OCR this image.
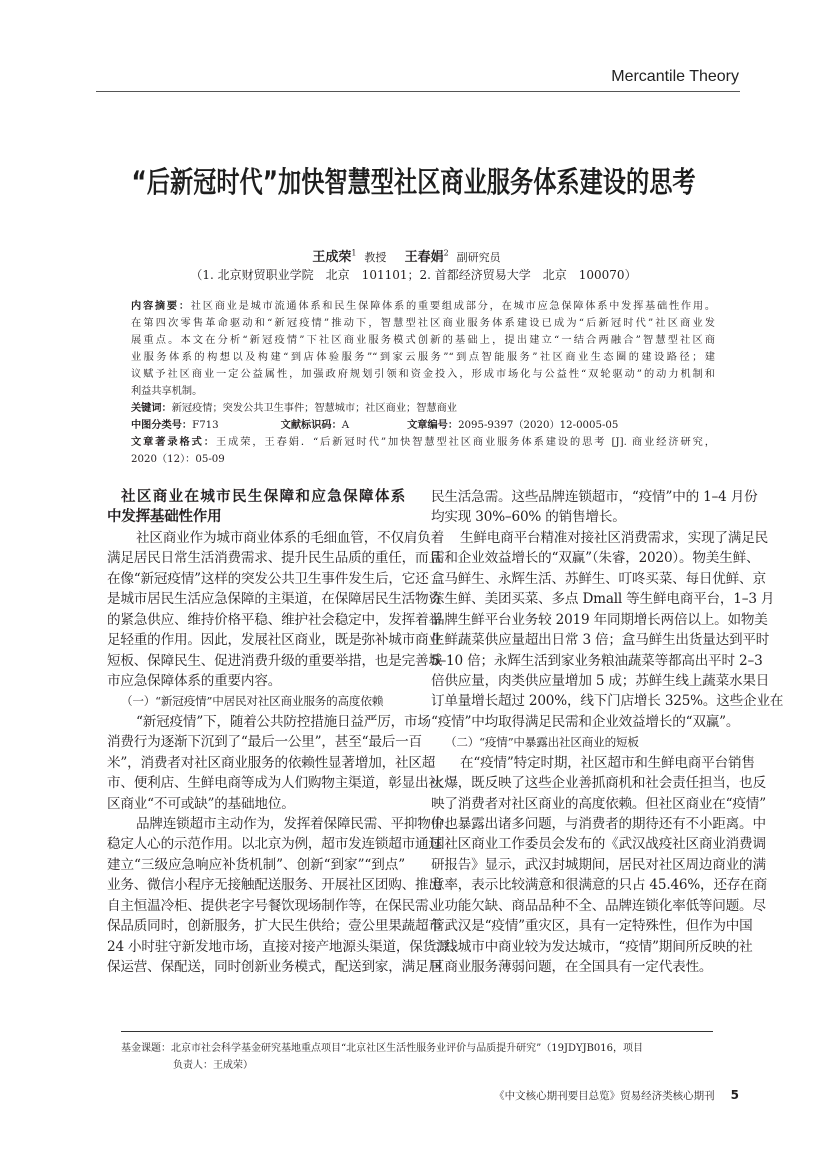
Mercantile Theory
“后新冠时代”加快智慧型社区商业服务体系建设的思考
王成荣$^1$ 教授 王春娟$^2$ 副研究员
（1. 北京财贸职业学院　北京　101101；2. 首都经济贸易大学　北京　100070）
内容摘要：社区商业是城市流通体系和民生保障体系的重要组成部分，在城市应急保障体系中发挥基础性作用。
在第四次零售革命驱动和“新冠疫情”推动下，智慧型社区商业服务体系建设已成为“后新冠时代”社区商业发
展重点。本文在分析“新冠疫情”下社区商业服务模式创新的基础上，提出建立“一结合两融合”智慧型社区商
业服务体系的构想以及构建“到店体验服务”“到家云服务”“到点智能服务”社区商业生态圈的建设路径；建
议赋予社区商业一定公益属性，加强政府规划引领和资金投入，形成市场化与公益性“双轮驱动”的动力机制和
利益共享机制。
关键词：新冠疫情；突发公共卫生事件；智慧城市；社区商业；智慧商业
中图分类号：F713	文献标识码：A	文章编号：2095-9397（2020）12-0005-05
文章著录格式：王成荣，王春娟．“后新冠时代”加快智慧型社区商业服务体系建设的思考 [J]. 商业经济研究，
2020（12）：05-09
社区商业在城市民生保障和应急保障体系
中发挥基础性作用
社区商业作为城市商业体系的毛细血管，不仅肩负着
满足居民日常生活消费需求、提升民生品质的重任，而且
在像“新冠疫情”这样的突发公共卫生事件发生后，它还
是城市居民生活应急保障的主渠道，在保障居民生活物资
的紧急供应、维持价格平稳、维护社会稳定中，发挥着举
足轻重的作用。因此，发展社区商业，既是弥补城市商业
短板、保障民生、促进消费升级的重要举措，也是完善城
市应急保障体系的重要内容。
（一）“新冠疫情”中居民对社区商业服务的高度依赖
“新冠疫情”下，随着公共防控措施日益严厉，市场
消费行为逐渐下沉到了“最后一公里”，甚至“最后一百
米”，消费者对社区商业服务的依赖性显著增加，社区超
市、便利店、生鲜电商等成为人们购物主渠道，彰显出社
区商业“不可或缺”的基础地位。
品牌连锁超市主动作为，发挥着保障民需、平抑物价、
稳定人心的示范作用。以北京为例，超市发连锁超市通过
建立“三级应急响应补货机制”、创新“到家”“到点”
业务、微信小程序无接触配送服务、开展社区团购、推出
自主恒温冷柜、提供老字号餐饮现场制作等，在保民需、
保品质同时，创新服务，扩大民生供给；壹公里果蔬超市
24 小时驻守新发地市场，直接对接产地源头渠道，保货源、
保运营、保配送，同时创新业务模式，配送到家，满足居
民生活急需。这些品牌连锁超市，“疫情”中的 1–4 月份
均实现 30%–60% 的销售增长。
生鲜电商平台精准对接社区消费需求，实现了满足民
需和企业效益增长的“双赢”（朱睿，2020）。物美生鲜、
盒马鲜生、永辉生活、苏鲜生、叮咚买菜、每日优鲜、京
东生鲜、美团买菜、多点 Dmall 等生鲜电商平台，1–3 月
品牌生鲜平台业务较 2019 年同期增长两倍以上。如物美
生鲜蔬菜供应量超出日常 3 倍；盒马鲜生出货量达到平时
5–10 倍；永辉生活到家业务粮油蔬菜等都高出平时 2–3
倍供应量，肉类供应量增加 5 成；苏鲜生线上蔬菜水果日
订单量增长超过 200%，线下门店增长 325%。这些企业在
“疫情”中均取得满足民需和企业效益增长的“双赢”。
（二）“疫情”中暴露出社区商业的短板
在“疫情”特定时期，社区超市和生鲜电商平台销售
火爆，既反映了这些企业善抓商机和社会责任担当，也反
映了消费者对社区商业的高度依赖。但社区商业在“疫情”
中也暴露出诸多问题，与消费者的期待还有不小距离。中
国社区商业工作委员会发布的《武汉战疫社区商业消费调
研报告》显示，武汉封城期间，居民对社区周边商业的满
意率，表示比较满意和很满意的只占 45.46%，还存在商
业功能欠缺、商品品种不全、品牌连锁化率低等问题。尽
管武汉是“疫情”重灾区，具有一定特殊性，但作为中国
二线城市中商业较为发达城市，“疫情”期间所反映的社
区商业服务薄弱问题，在全国具有一定代表性。
基金课题：北京市社会科学基金研究基地重点项目“北京社区生活性服务业评价与品质提升研究”（19JDYJB016，项目
负责人：王成荣）
《中文核心期刊要目总览》贸易经济类核心期刊 5
